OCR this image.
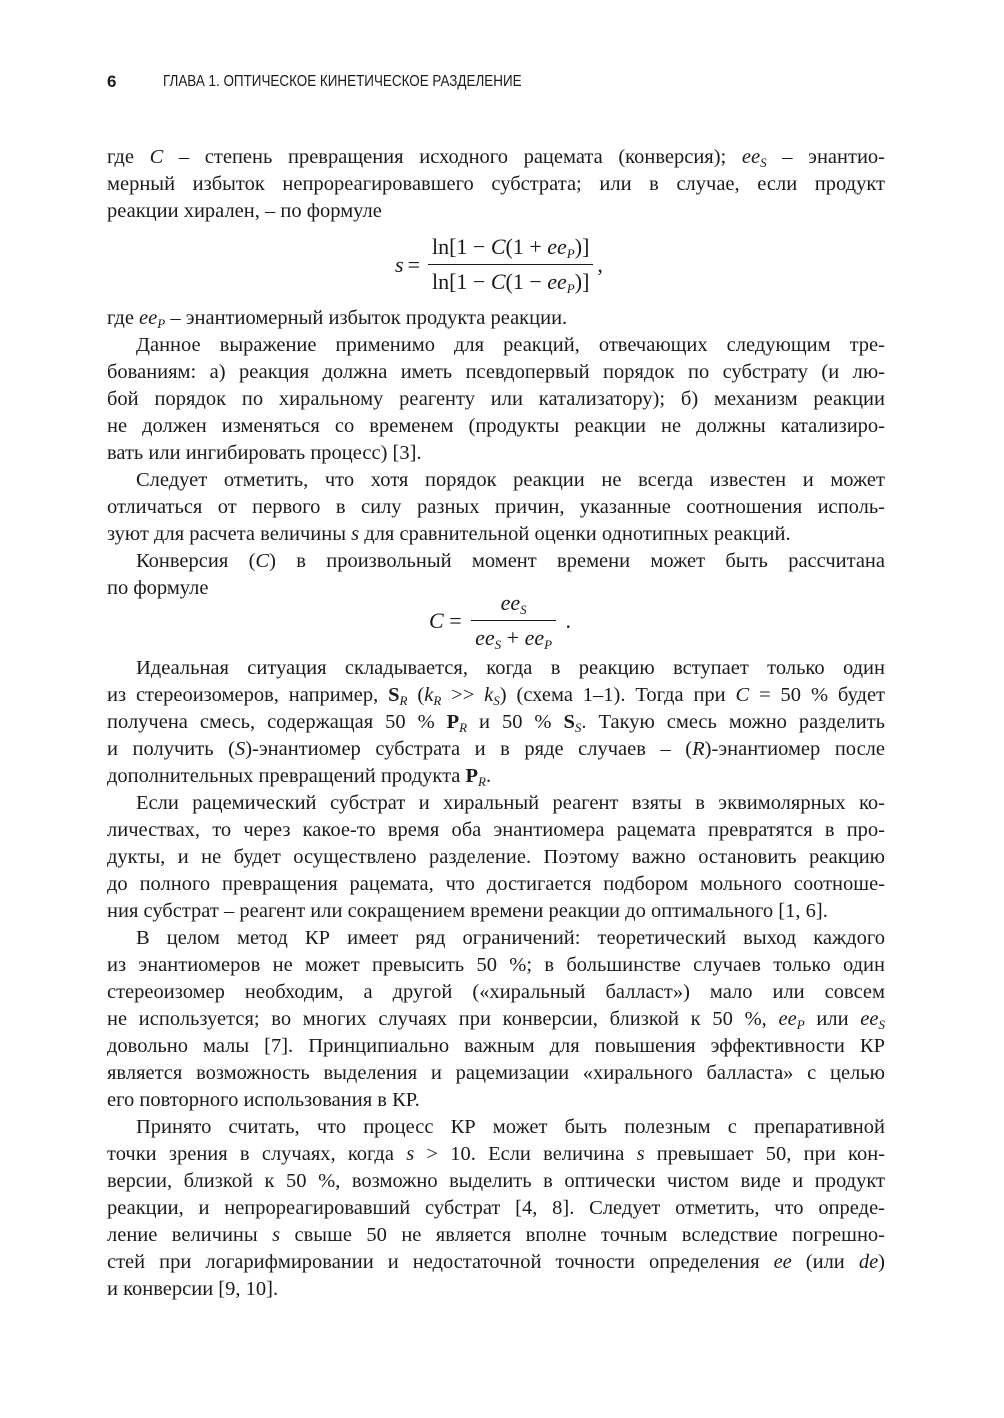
6	ГЛАВА 1. ОПТИЧЕСКОЕ КИНЕТИЧЕСКОЕ РАЗДЕЛЕНИЕ
где C – степень превращения исходного рацемата (конверсия); $ee_S$ – энантио-
мерный избыток непрореагировавшего субстрата; или в случае, если продукт
реакции хирален, – по формуле
$s = \frac{\ln[1 - C(1 + ee_P)]}{\ln[1 - C(1 - ee_P)]}$ ,
где $ee_P$ – энантиомерный избыток продукта реакции.
Данное выражение применимо для реакций, отвечающих следующим тре-
бованиям: а) реакция должна иметь псевдопервый порядок по субстрату (и лю-
бой порядок по хиральному реагенту или катализатору); б) механизм реакции
не должен изменяться со временем (продукты реакции не должны катализиро-
вать или ингибировать процесс) [3].
Следует отметить, что хотя порядок реакции не всегда известен и может
отличаться от первого в силу разных причин, указанные соотношения исполь-
зуют для расчета величины s для сравнительной оценки однотипных реакций.
Конверсия (C) в произвольный момент времени может быть рассчитана
по формуле
$C = \frac{ee_S}{ee_S + ee_P}$ .
Идеальная ситуация складывается, когда в реакцию вступает только один
из стереоизомеров, например, $S_R$ $(k_R >> k_S)$ (схема 1–1). Тогда при C = 50 % будет
получена смесь, содержащая 50 % $P_R$ и 50 % $S_S$. Такую смесь можно разделить
и получить (S)-энантиомер субстрата и в ряде случаев – (R)-энантиомер после
дополнительных превращений продукта $P_R$.
Если рацемический субстрат и хиральный реагент взяты в эквимолярных ко-
личествах, то через какое-то время оба энантиомера рацемата превратятся в про-
дукты, и не будет осуществлено разделение. Поэтому важно остановить реакцию
до полного превращения рацемата, что достигается подбором мольного соотноше-
ния субстрат – реагент или сокращением времени реакции до оптимального [1, 6].
В целом метод КР имеет ряд ограничений: теоретический выход каждого
из энантиомеров не может превысить 50 %; в большинстве случаев только один
стереоизомер необходим, а другой («хиральный балласт») мало или совсем
не используется; во многих случаях при конверсии, близкой к 50 %, $ee_P$ или $ee_S$
довольно малы [7]. Принципиально важным для повышения эффективности КР
является возможность выделения и рацемизации «хирального балласта» с целью
его повторного использования в КР.
Принято считать, что процесс КР может быть полезным с препаративной
точки зрения в случаях, когда s > 10. Если величина s превышает 50, при кон-
версии, близкой к 50 %, возможно выделить в оптически чистом виде и продукт
реакции, и непрореагировавший субстрат [4, 8]. Следует отметить, что опреде-
ление величины s свыше 50 не является вполне точным вследствие погрешно-
стей при логарифмировании и недостаточной точности определения ee (или de)
и конверсии [9, 10].
